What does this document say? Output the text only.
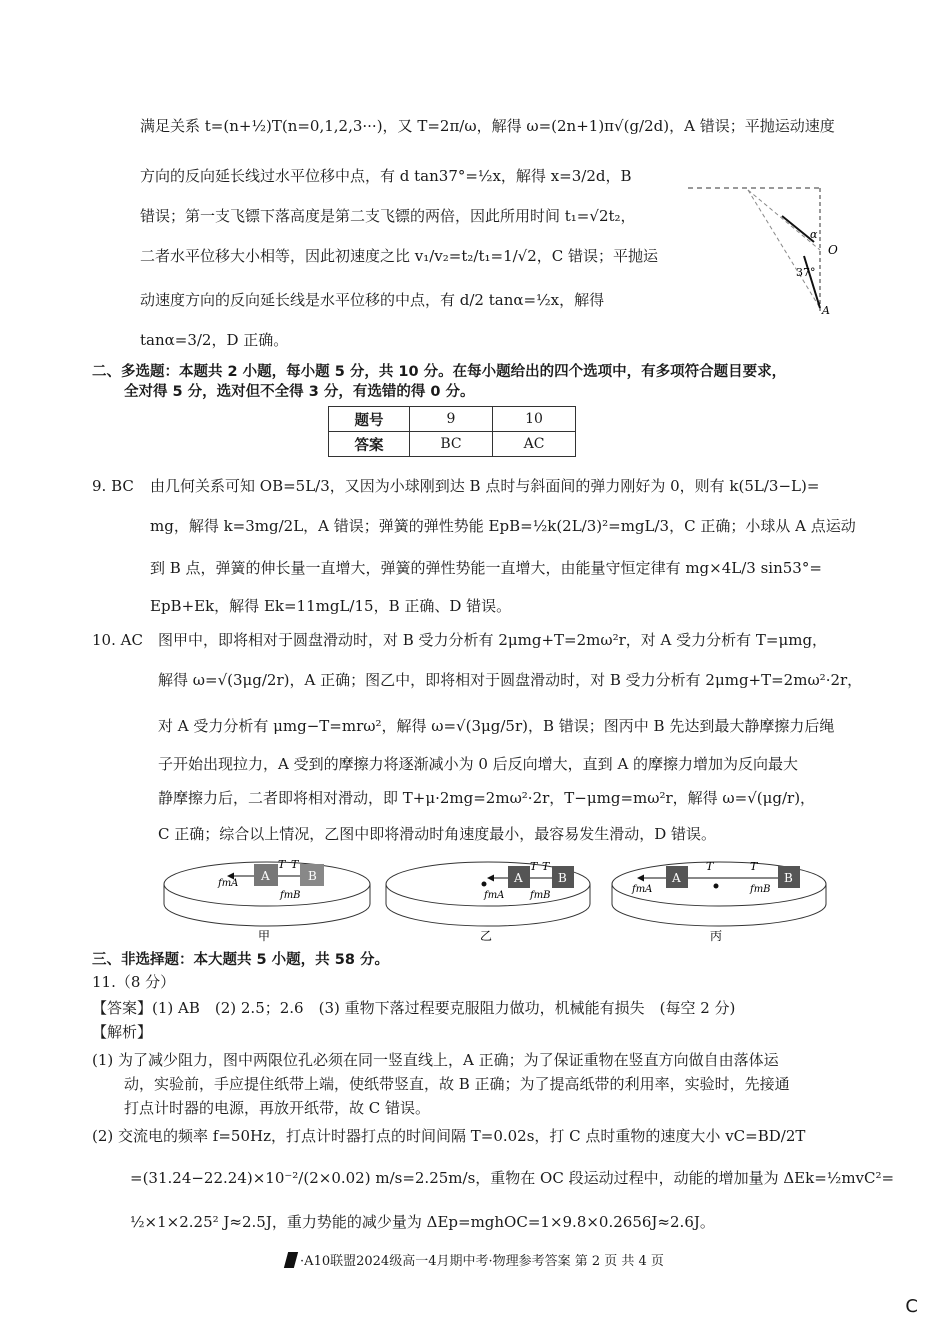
满足关系 t=(n+½)T(n=0,1,2,3···)，又 T=2π/ω，解得 ω=(2n+1)π√(g/2d)，A 错误；平抛运动速度
方向的反向延长线过水平位移中点，有 d tan37°=½x，解得 x=3/2d，B
错误；第一支飞镖下落高度是第二支飞镖的两倍，因此所用时间 t₁=√2t₂，
二者水平位移大小相等，因此初速度之比 v₁/v₂=t₂/t₁=1/√2，C 错误；平抛运
动速度方向的反向延长线是水平位移的中点，有 d/2 tanα=½x，解得
tanα=3/2，D 正确。
α
O
37°
A
二、多选题：本题共 2 小题，每小题 5 分，共 10 分。在每小题给出的四个选项中，有多项符合题目要求，
全对得 5 分，选对但不全得 3 分，有选错的得 0 分。
题号	9	10
答案	BC	AC
9. BC 由几何关系可知 OB=5L/3，又因为小球刚到达 B 点时与斜面间的弹力刚好为 0，则有 k(5L/3−L)=
mg，解得 k=3mg/2L，A 错误；弹簧的弹性势能 EpB=½k(2L/3)²=mgL/3，C 正确；小球从 A 点运动
到 B 点，弹簧的伸长量一直增大，弹簧的弹性势能一直增大，由能量守恒定律有 mg×4L/3 sin53°=
EpB+Ek，解得 Ek=11mgL/15，B 正确、D 错误。
10. AC 图甲中，即将相对于圆盘滑动时，对 B 受力分析有 2μmg+T=2mω²r，对 A 受力分析有 T=μmg，
解得 ω=√(3μg/2r)，A 正确；图乙中，即将相对于圆盘滑动时，对 B 受力分析有 2μmg+T=2mω²·2r，
对 A 受力分析有 μmg−T=mrω²，解得 ω=√(3μg/5r)，B 错误；图丙中 B 先达到最大静摩擦力后绳
子开始出现拉力，A 受到的摩擦力将逐渐减小为 0 后反向增大，直到 A 的摩擦力增加为反向最大
静摩擦力后，二者即将相对滑动，即 T+μ·2mg=2mω²·2r，T−μmg=mω²r，解得 ω=√(μg/r)，
C 正确；综合以上情况，乙图中即将滑动时角速度最小，最容易发生滑动，D 错误。
A	B
T T
fmA
fmB
A	B
T T
fmA	fmB
A	B
T	T
fmA	fmB
甲	乙	丙
三、非选择题：本大题共 5 小题，共 58 分。
11.（8 分）
【答案】(1) AB　(2) 2.5；2.6　(3) 重物下落过程要克服阻力做功，机械能有损失　(每空 2 分)
【解析】
(1) 为了减少阻力，图中两限位孔必须在同一竖直线上，A 正确；为了保证重物在竖直方向做自由落体运
动，实验前，手应提住纸带上端，使纸带竖直，故 B 正确；为了提高纸带的利用率，实验时，先接通
打点计时器的电源，再放开纸带，故 C 错误。
(2) 交流电的频率 f=50Hz，打点计时器打点的时间间隔 T=0.02s，打 C 点时重物的速度大小 vC=BD/2T
=(31.24−22.24)×10⁻²/(2×0.02) m/s=2.25m/s，重物在 OC 段运动过程中，动能的增加量为 ΔEk=½mvC²=
½×1×2.25² J≈2.5J，重力势能的减少量为 ΔEp=mghOC=1×9.8×0.2656J≈2.6J。
·A10联盟2024级高一4月期中考·物理参考答案 第 2 页 共 4 页
C
